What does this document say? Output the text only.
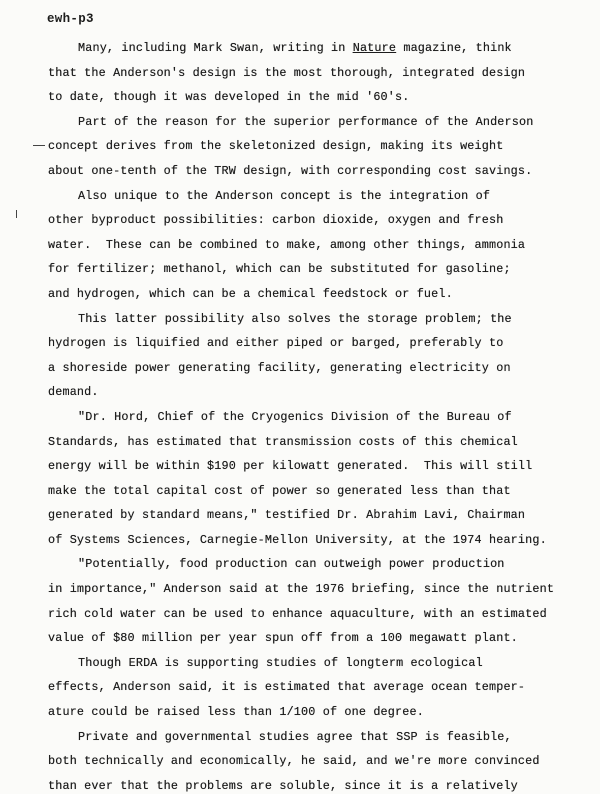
ewh-p3
Many, including Mark Swan, writing in Nature magazine, think
that the Anderson's design is the most thorough, integrated design
to date, though it was developed in the mid '60's.
Part of the reason for the superior performance of the Anderson
concept derives from the skeletonized design, making its weight
about one-tenth of the TRW design, with corresponding cost savings.
Also unique to the Anderson concept is the integration of
other byproduct possibilities: carbon dioxide, oxygen and fresh
water.  These can be combined to make, among other things, ammonia
for fertilizer; methanol, which can be substituted for gasoline;
and hydrogen, which can be a chemical feedstock or fuel.
This latter possibility also solves the storage problem; the
hydrogen is liquified and either piped or barged, preferably to
a shoreside power generating facility, generating electricity on
demand.
"Dr. Hord, Chief of the Cryogenics Division of the Bureau of
Standards, has estimated that transmission costs of this chemical
energy will be within $190 per kilowatt generated.  This will still
make the total capital cost of power so generated less than that
generated by standard means," testified Dr. Abrahim Lavi, Chairman
of Systems Sciences, Carnegie-Mellon University, at the 1974 hearing.
"Potentially, food production can outweigh power production
in importance," Anderson said at the 1976 briefing, since the nutrient
rich cold water can be used to enhance aquaculture, with an estimated
value of $80 million per year spun off from a 100 megawatt plant.
Though ERDA is supporting studies of longterm ecological
effects, Anderson said, it is estimated that average ocean temper-
ature could be raised less than 1/100 of one degree.
Private and governmental studies agree that SSP is feasible,
both technically and economically, he said, and we're more convinced
than ever that the problems are soluble, since it is a relatively
